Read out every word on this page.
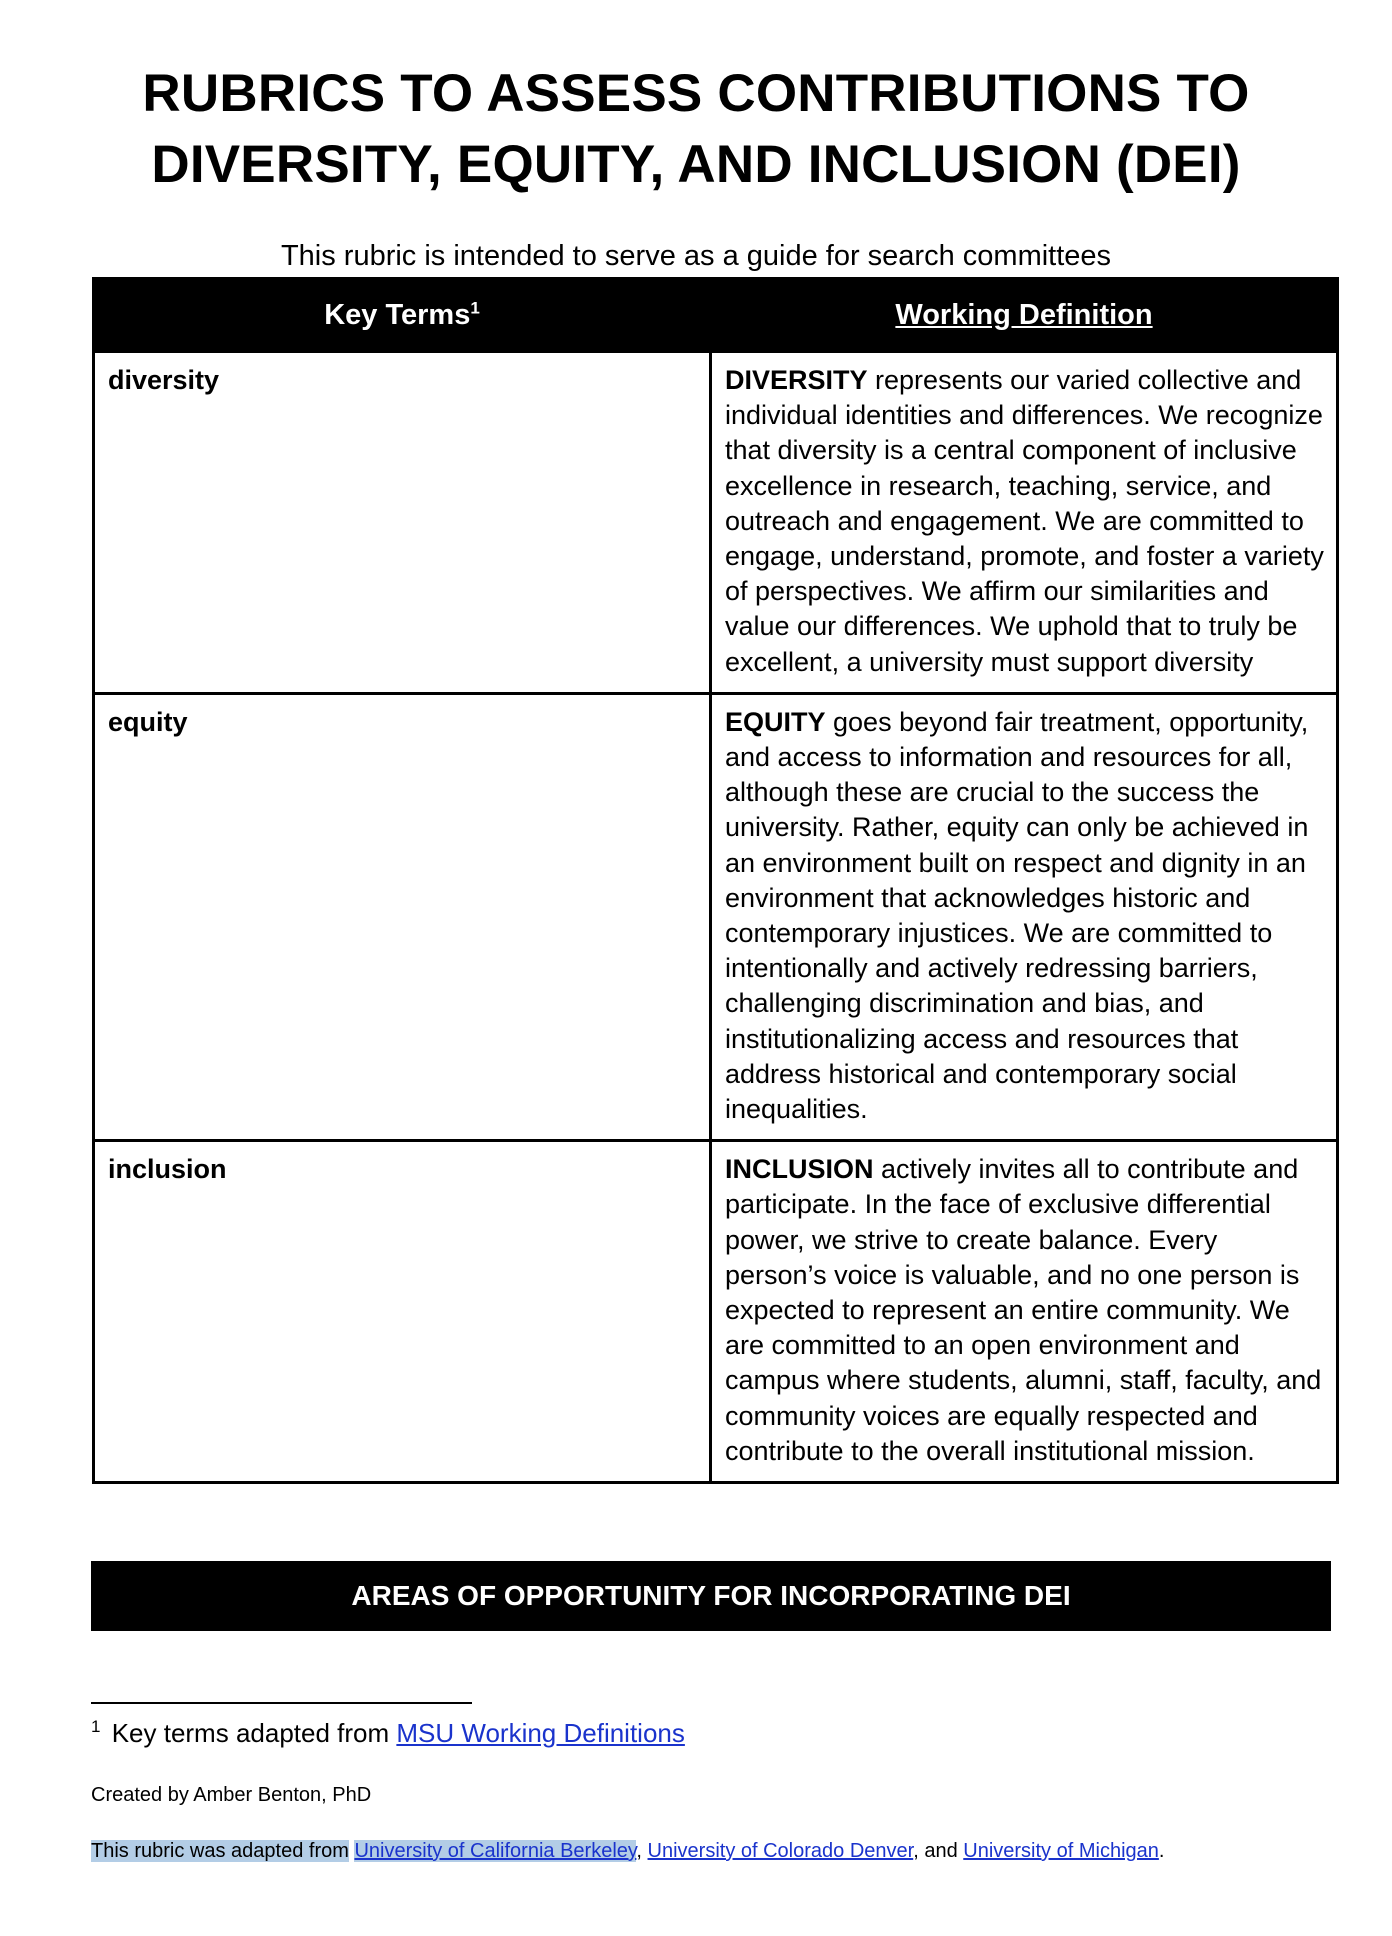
RUBRICS TO ASSESS CONTRIBUTIONS TO
DIVERSITY, EQUITY, AND INCLUSION (DEI)
This rubric is intended to serve as a guide for search committees
Key Terms$^1$	Working Definition
diversity	DIVERSITY represents our varied collective and individual identities and differences. We recognize that diversity is a central component of inclusive excellence in research, teaching, service, and outreach and engagement. We are committed to engage, understand, promote, and foster a variety of perspectives. We affirm our similarities and value our differences. We uphold that to truly be excellent, a university must support diversity
equity	EQUITY goes beyond fair treatment, opportunity, and access to information and resources for all, although these are crucial to the success the university. Rather, equity can only be achieved in an environment built on respect and dignity in an environment that acknowledges historic and contemporary injustices. We are committed to intentionally and actively redressing barriers, challenging discrimination and bias, and institutionalizing access and resources that address historical and contemporary social inequalities.
inclusion	INCLUSION actively invites all to contribute and participate. In the face of exclusive differential power, we strive to create balance. Every person’s voice is valuable, and no one person is expected to represent an entire community. We are committed to an open environment and campus where students, alumni, staff, faculty, and community voices are equally respected and contribute to the overall institutional mission.
AREAS OF OPPORTUNITY FOR INCORPORATING DEI
$^1$ Key terms adapted from MSU Working Definitions
Created by Amber Benton, PhD
This rubric was adapted from University of California Berkeley, University of Colorado Denver, and University of Michigan.
